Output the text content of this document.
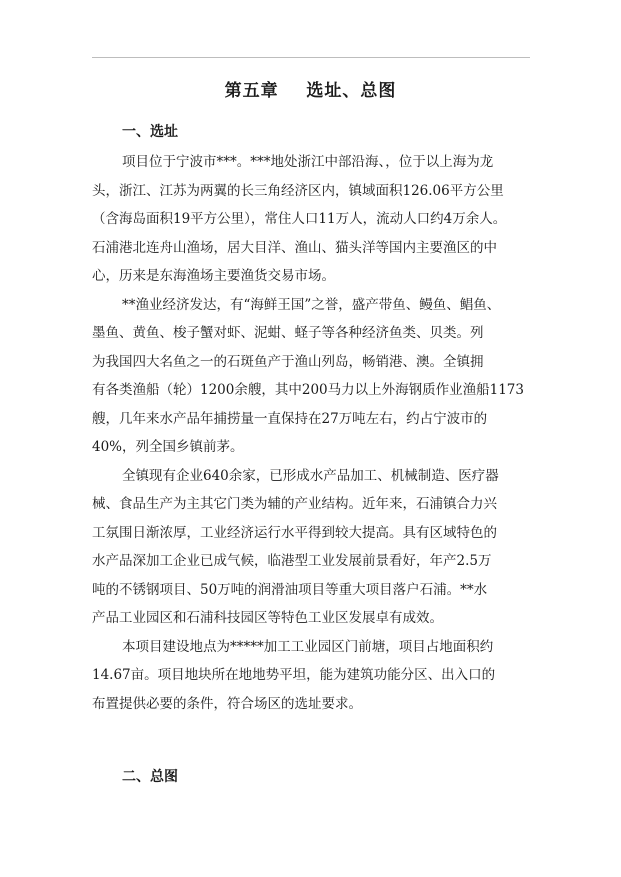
第五章    选址、总图
一、选址
项目位于宁波市***。***地处浙江中部沿海、，位于以上海为龙
头，浙江、江苏为两翼的长三角经济区内，镇域面积126.06平方公里
（含海岛面积19平方公里），常住人口11万人，流动人口约4万余人。
石浦港北连舟山渔场，居大目洋、渔山、猫头洋等国内主要渔区的中
心，历来是东海渔场主要渔货交易市场。
**渔业经济发达，有“海鲜王国”之誉，盛产带鱼、鳗鱼、鲳鱼、
墨鱼、黄鱼、梭子蟹对虾、泥蚶、蛏子等各种经济鱼类、贝类。列
为我国四大名鱼之一的石斑鱼产于渔山列岛，畅销港、澳。全镇拥
有各类渔船（轮）1200余艘，其中200马力以上外海钢质作业渔船1173
艘，几年来水产品年捕捞量一直保持在27万吨左右，约占宁波市的
40%，列全国乡镇前茅。
全镇现有企业640余家，已形成水产品加工、机械制造、医疗器
械、食品生产为主其它门类为辅的产业结构。近年来，石浦镇合力兴
工氛围日渐浓厚，工业经济运行水平得到较大提高。具有区域特色的
水产品深加工企业已成气候，临港型工业发展前景看好，年产2.5万
吨的不锈钢项目、50万吨的润滑油项目等重大项目落户石浦。**水
产品工业园区和石浦科技园区等特色工业区发展卓有成效。
本项目建设地点为*****加工工业园区门前塘，项目占地面积约
14.67亩。项目地块所在地地势平坦，能为建筑功能分区、出入口的
布置提供必要的条件，符合场区的选址要求。
二、总图
